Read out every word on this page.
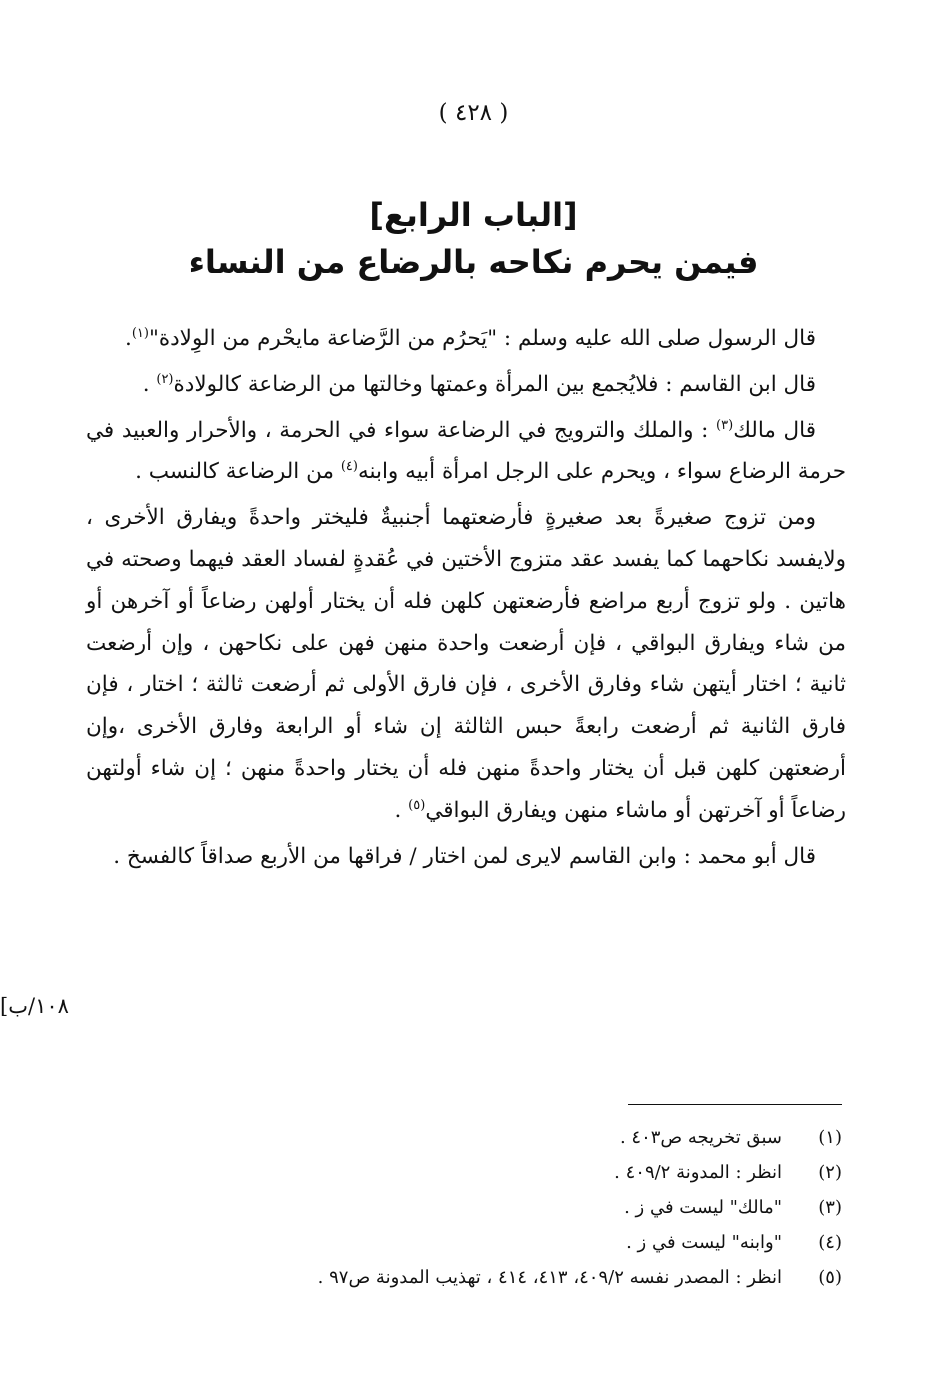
( ٤٢٨ )
[الباب الرابع]
فيمن يحرم نكاحه بالرضاع من النساء

قال الرسول صلى الله عليه وسلم : "يَحرُم من الرَّضاعة مايحْرم من الوِلادة"$^{(١)}$.

قال ابن القاسم : فلايُجمع بين المرأة وعمتها وخالتها من الرضاعة كالولادة$^{(٢)}$ .

قال مالك$^{(٣)}$ : والملك والترويج في الرضاعة سواء في الحرمة ، والأحرار والعبيد في حرمة الرضاع سواء ، ويحرم على الرجل امرأة أبيه وابنه$^{(٤)}$ من الرضاعة كالنسب .

ومن تزوج صغيرةً بعد صغيرةٍ فأرضعتهما أجنبيةٌ فليختر واحدةً ويفارق الأخرى ، ولايفسد نكاحهما كما يفسد عقد متزوج الأختين في عُقدةٍ لفساد العقد فيهما وصحته في هاتين . ولو تزوج أربع مراضع فأرضعتهن كلهن فله أن يختار أولهن رضاعاً أو آخرهن أو من شاء ويفارق البواقي ، فإن أرضعت واحدة منهن فهن على نكاحهن ، وإن أرضعت ثانية ؛ اختار أيتهن شاء وفارق الأخرى ، فإن فارق الأولى ثم أرضعت ثالثة ؛ اختار ، فإن فارق الثانية ثم أرضعت رابعةً حبس الثالثة إن شاء أو الرابعة وفارق الأخرى ،وإن أرضعتهن كلهن قبل أن يختار واحدةً منهن فله أن يختار واحدةً منهن ؛ إن شاء أولتهن رضاعاً أو آخرتهن أو ماشاء منهن ويفارق البواقي$^{(٥)}$ .

قال أبو محمد : وابن القاسم لايرى لمن اختار / فراقها من الأربع صداقاً كالفسخ .

[١٠٨/ب
(١)
سبق تخريجه ص٤٠٣ .
(٢)
انظر : المدونة ٤٠٩/٢ .
(٣)
"مالك" ليست في ز .
(٤)
"وابنه" ليست في ز .
(٥)
انظر : المصدر نفسه ٤٠٩/٢، ٤١٣، ٤١٤ ، تهذيب المدونة ص٩٧ .
